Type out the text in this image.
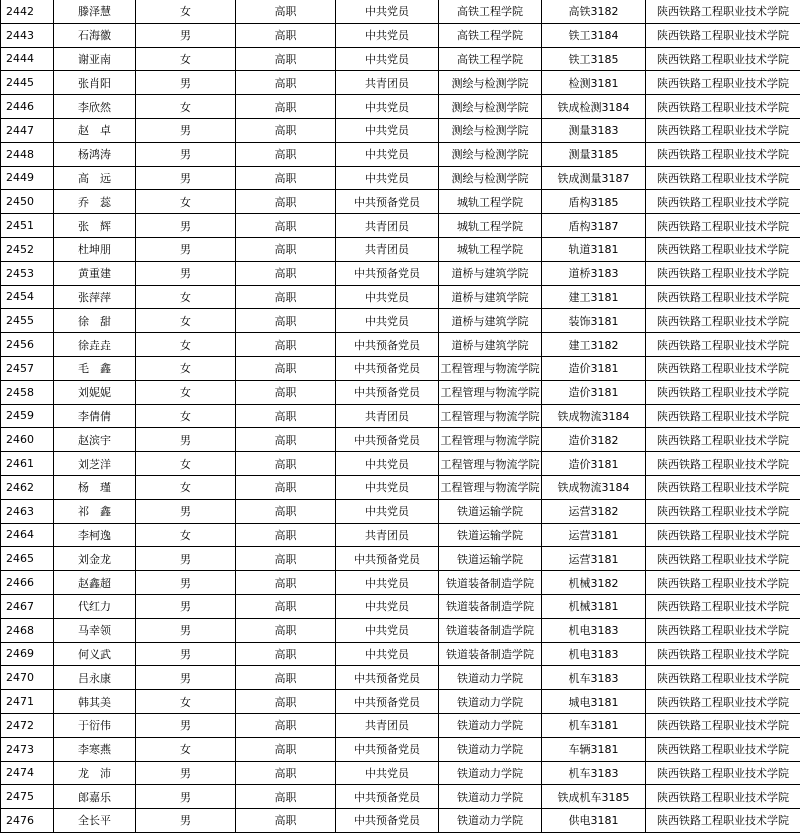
2442	滕泽慧	女	高职	中共党员	高铁工程学院	高铁3182	陕西铁路工程职业技术学院
2443	石海徽	男	高职	中共党员	高铁工程学院	铁工3184	陕西铁路工程职业技术学院
2444	谢亚南	女	高职	中共党员	高铁工程学院	铁工3185	陕西铁路工程职业技术学院
2445	张肖阳	男	高职	共青团员	测绘与检测学院	检测3181	陕西铁路工程职业技术学院
2446	李欣然	女	高职	中共党员	测绘与检测学院	铁成检测3184	陕西铁路工程职业技术学院
2447	赵　卓	男	高职	中共党员	测绘与检测学院	测量3183	陕西铁路工程职业技术学院
2448	杨鸿涛	男	高职	中共党员	测绘与检测学院	测量3185	陕西铁路工程职业技术学院
2449	高　远	男	高职	中共党员	测绘与检测学院	铁成测量3187	陕西铁路工程职业技术学院
2450	乔　蕊	女	高职	中共预备党员	城轨工程学院	盾构3185	陕西铁路工程职业技术学院
2451	张　辉	男	高职	共青团员	城轨工程学院	盾构3187	陕西铁路工程职业技术学院
2452	杜坤朋	男	高职	共青团员	城轨工程学院	轨道3181	陕西铁路工程职业技术学院
2453	黄重建	男	高职	中共预备党员	道桥与建筑学院	道桥3183	陕西铁路工程职业技术学院
2454	张萍萍	女	高职	中共党员	道桥与建筑学院	建工3181	陕西铁路工程职业技术学院
2455	徐　甜	女	高职	中共党员	道桥与建筑学院	装饰3181	陕西铁路工程职业技术学院
2456	徐垚垚	女	高职	中共预备党员	道桥与建筑学院	建工3182	陕西铁路工程职业技术学院
2457	毛　鑫	女	高职	中共预备党员	工程管理与物流学院	造价3181	陕西铁路工程职业技术学院
2458	刘妮妮	女	高职	中共预备党员	工程管理与物流学院	造价3181	陕西铁路工程职业技术学院
2459	李倩倩	女	高职	共青团员	工程管理与物流学院	铁成物流3184	陕西铁路工程职业技术学院
2460	赵滨宇	男	高职	中共预备党员	工程管理与物流学院	造价3182	陕西铁路工程职业技术学院
2461	刘芝洋	女	高职	中共党员	工程管理与物流学院	造价3181	陕西铁路工程职业技术学院
2462	杨　瑾	女	高职	中共党员	工程管理与物流学院	铁成物流3184	陕西铁路工程职业技术学院
2463	祁　鑫	男	高职	中共党员	铁道运输学院	运营3182	陕西铁路工程职业技术学院
2464	李柯逸	女	高职	共青团员	铁道运输学院	运营3181	陕西铁路工程职业技术学院
2465	刘金龙	男	高职	中共预备党员	铁道运输学院	运营3181	陕西铁路工程职业技术学院
2466	赵鑫超	男	高职	中共党员	铁道装备制造学院	机械3182	陕西铁路工程职业技术学院
2467	代红力	男	高职	中共党员	铁道装备制造学院	机械3181	陕西铁路工程职业技术学院
2468	马幸领	男	高职	中共党员	铁道装备制造学院	机电3183	陕西铁路工程职业技术学院
2469	何义武	男	高职	中共党员	铁道装备制造学院	机电3183	陕西铁路工程职业技术学院
2470	吕永康	男	高职	中共预备党员	铁道动力学院	机车3183	陕西铁路工程职业技术学院
2471	韩其美	女	高职	中共预备党员	铁道动力学院	城电3181	陕西铁路工程职业技术学院
2472	于衍伟	男	高职	共青团员	铁道动力学院	机车3181	陕西铁路工程职业技术学院
2473	李寒燕	女	高职	中共预备党员	铁道动力学院	车辆3181	陕西铁路工程职业技术学院
2474	龙　沛	男	高职	中共党员	铁道动力学院	机车3183	陕西铁路工程职业技术学院
2475	郎嘉乐	男	高职	中共预备党员	铁道动力学院	铁成机车3185	陕西铁路工程职业技术学院
2476	全长平	男	高职	中共预备党员	铁道动力学院	供电3181	陕西铁路工程职业技术学院
